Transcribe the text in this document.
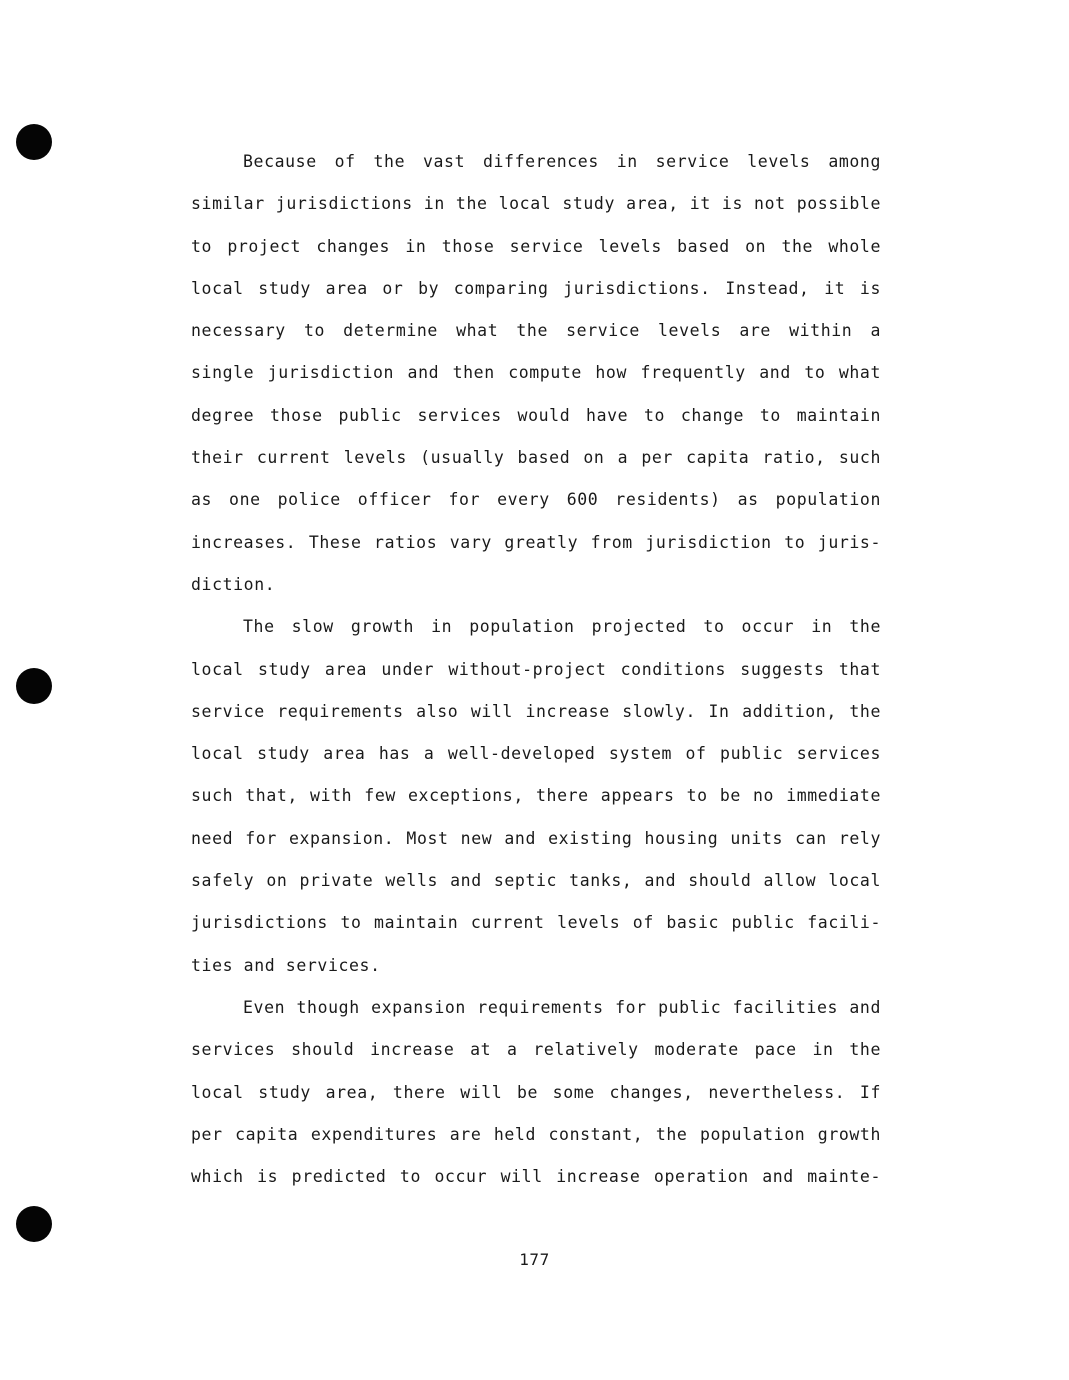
Because of the vast differences in service levels among
similar jurisdictions in the local study area, it is not possible
to project changes in those service levels based on the whole
local study area or by comparing jurisdictions. Instead, it is
necessary to determine what the service levels are within a
single jurisdiction and then compute how frequently and to what
degree those public services would have to change to maintain
their current levels (usually based on a per capita ratio, such
as one police officer for every 600 residents) as population
increases. These ratios vary greatly from jurisdiction to juris-
diction.
The slow growth in population projected to occur in the
local study area under without-project conditions suggests that
service requirements also will increase slowly. In addition, the
local study area has a well-developed system of public services
such that, with few exceptions, there appears to be no immediate
need for expansion. Most new and existing housing units can rely
safely on private wells and septic tanks, and should allow local
jurisdictions to maintain current levels of basic public facili-
ties and services.
Even though expansion requirements for public facilities and
services should increase at a relatively moderate pace in the
local study area, there will be some changes, nevertheless. If
per capita expenditures are held constant, the population growth
which is predicted to occur will increase operation and mainte-
177
